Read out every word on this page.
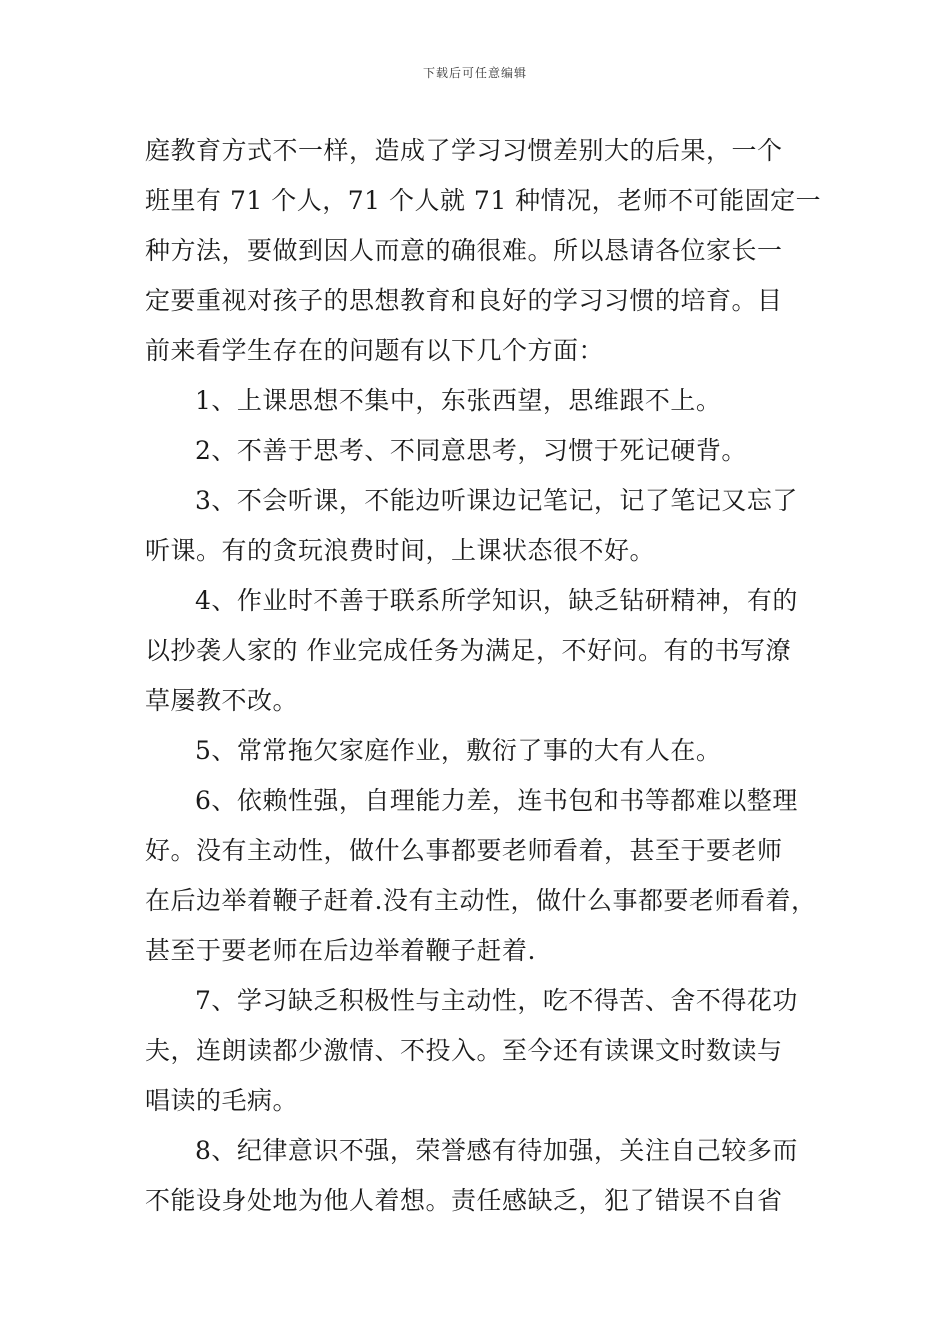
下载后可任意编辑
庭教育方式不一样，造成了学习习惯差别大的后果，一个
班里有 71 个人，71 个人就 71 种情况，老师不可能固定一
种方法，要做到因人而意的确很难。所以恳请各位家长一
定要重视对孩子的思想教育和良好的学习习惯的培育。目
前来看学生存在的问题有以下几个方面：
1、上课思想不集中，东张西望，思维跟不上。
2、不善于思考、不同意思考，习惯于死记硬背。
3、不会听课，不能边听课边记笔记，记了笔记又忘了
听课。有的贪玩浪费时间，上课状态很不好。
4、作业时不善于联系所学知识，缺乏钻研精神，有的
以抄袭人家的 作业完成任务为满足，不好问。有的书写潦
草屡教不改。
5、常常拖欠家庭作业，敷衍了事的大有人在。
6、依赖性强，自理能力差，连书包和书等都难以整理
好。没有主动性，做什么事都要老师看着，甚至于要老师
在后边举着鞭子赶着.没有主动性，做什么事都要老师看着，
甚至于要老师在后边举着鞭子赶着.
7、学习缺乏积极性与主动性，吃不得苦、舍不得花功
夫，连朗读都少激情、不投入。至今还有读课文时数读与
唱读的毛病。
8、纪律意识不强，荣誉感有待加强，关注自己较多而
不能设身处地为他人着想。责任感缺乏，犯了错误不自省
